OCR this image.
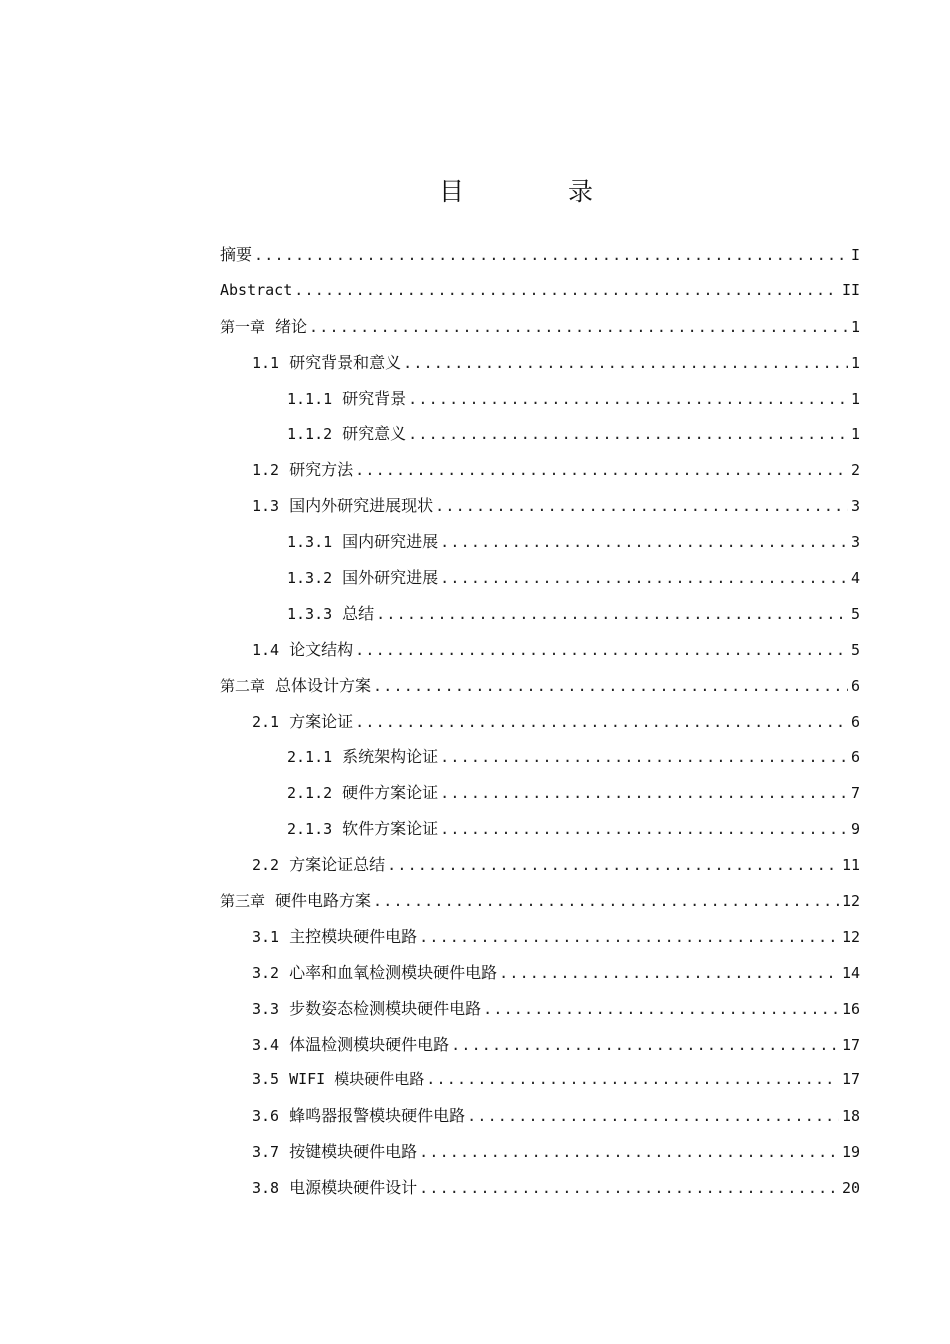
目 录
摘要 .....	I
Abstract .....	II
第一章 绪论 .....	1
1.1 研究背景和意义 .....	1
1.1.1 研究背景 .....	1
1.1.2 研究意义 .....	1
1.2 研究方法 .....	2
1.3 国内外研究进展现状 .....	3
1.3.1 国内研究进展 .....	3
1.3.2 国外研究进展 .....	4
1.3.3 总结 .....	5
1.4 论文结构 .....	5
第二章 总体设计方案 .....	6
2.1 方案论证 .....	6
2.1.1 系统架构论证 .....	6
2.1.2 硬件方案论证 .....	7
2.1.3 软件方案论证 .....	9
2.2 方案论证总结 .....	11
第三章 硬件电路方案 .....	12
3.1 主控模块硬件电路 .....	12
3.2 心率和血氧检测模块硬件电路 .....	14
3.3 步数姿态检测模块硬件电路 .....	16
3.4 体温检测模块硬件电路 .....	17
3.5 WIFI 模块硬件电路 .....	17
3.6 蜂鸣器报警模块硬件电路 .....	18
3.7 按键模块硬件电路 .....	19
3.8 电源模块硬件设计 .....	20
